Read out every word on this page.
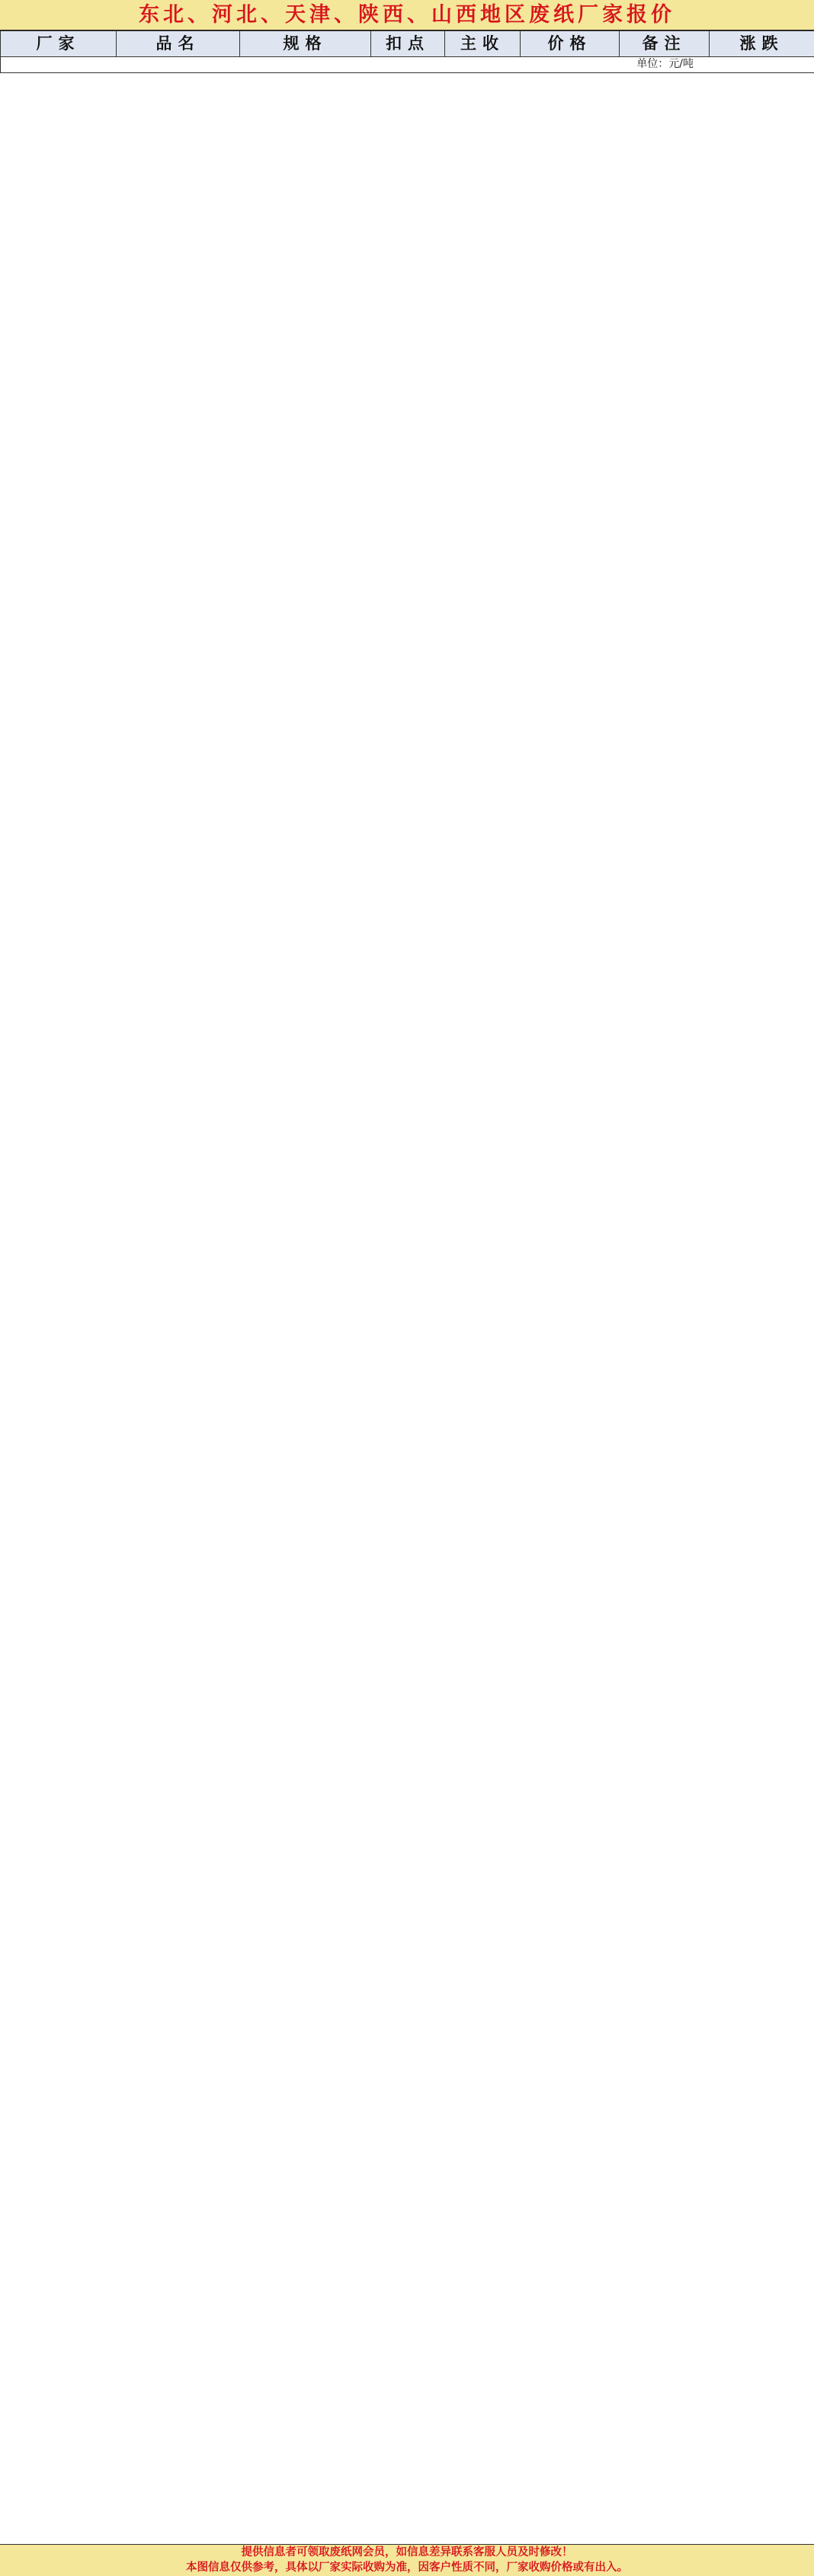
东北、河北、天津、陕西、山西地区废纸厂家报价
厂家	品名	规格	扣点	主收	价格	备注	涨跌
单位：元/吨
提供信息者可领取废纸网会员，如信息差异联系客服人员及时修改！
本图信息仅供参考，具体以厂家实际收购为准，因客户性质不同，厂家收购价格或有出入。
